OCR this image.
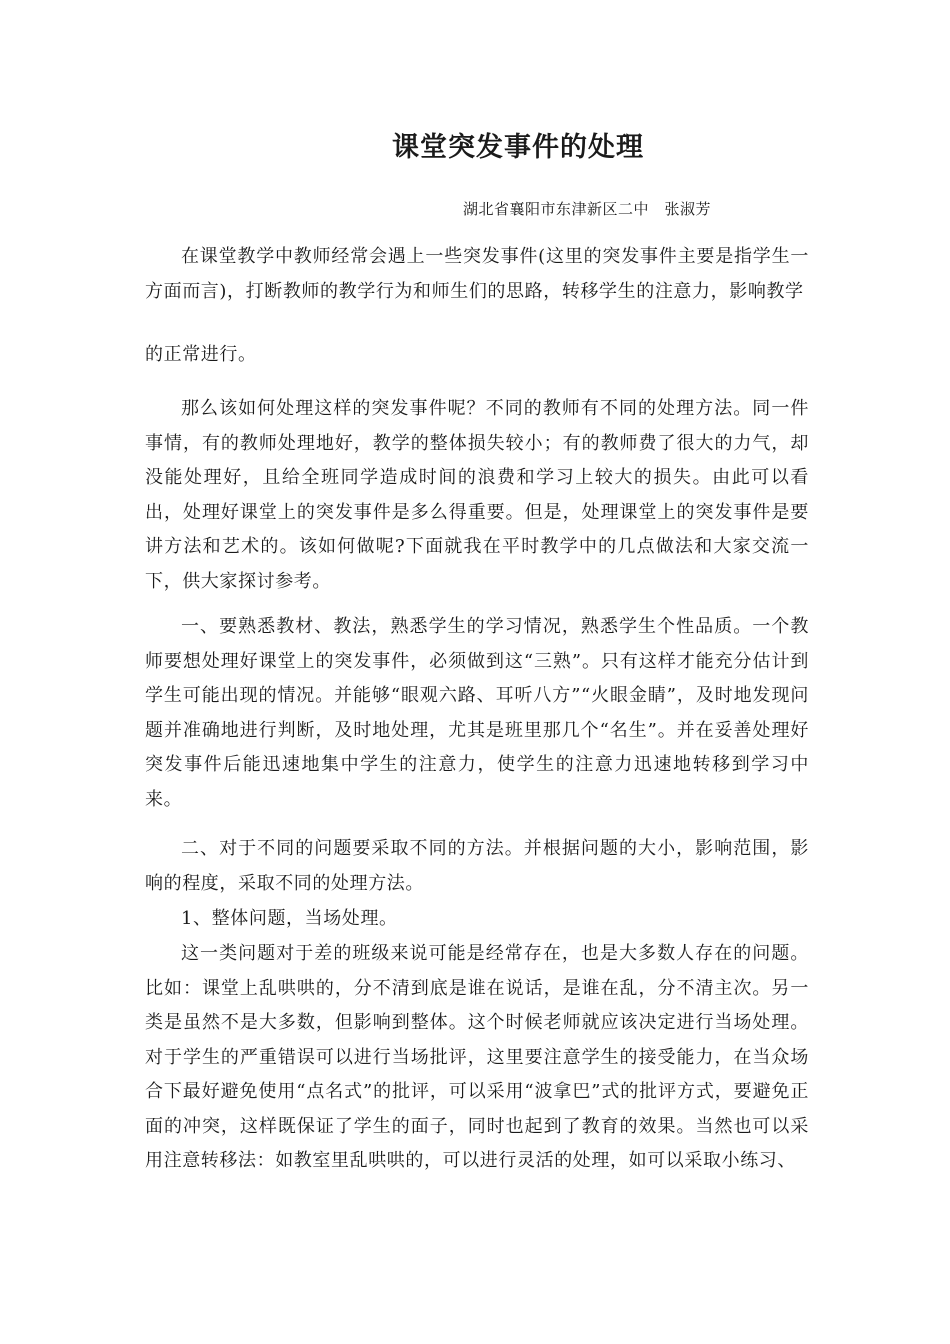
课堂突发事件的处理
湖北省襄阳市东津新区二中　张淑芳
在课堂教学中教师经常会遇上一些突发事件(这里的突发事件主要是指学生一方面而言)，打断教师的教学行为和师生们的思路，转移学生的注意力，影响教学
的正常进行。
那么该如何处理这样的突发事件呢？不同的教师有不同的处理方法。同一件事情，有的教师处理地好，教学的整体损失较小；有的教师费了很大的力气，却没能处理好，且给全班同学造成时间的浪费和学习上较大的损失。由此可以看出，处理好课堂上的突发事件是多么得重要。但是，处理课堂上的突发事件是要讲方法和艺术的。该如何做呢?下面就我在平时教学中的几点做法和大家交流一下，供大家探讨参考。
一、要熟悉教材、教法，熟悉学生的学习情况，熟悉学生个性品质。一个教师要想处理好课堂上的突发事件，必须做到这“三熟”。只有这样才能充分估计到学生可能出现的情况。并能够“眼观六路、耳听八方”“火眼金睛”，及时地发现问题并准确地进行判断，及时地处理，尤其是班里那几个“名生”。并在妥善处理好突发事件后能迅速地集中学生的注意力，使学生的注意力迅速地转移到学习中来。
二、对于不同的问题要采取不同的方法。并根据问题的大小，影响范围，影响的程度，采取不同的处理方法。
1、整体问题，当场处理。
这一类问题对于差的班级来说可能是经常存在，也是大多数人存在的问题。比如：课堂上乱哄哄的，分不清到底是谁在说话，是谁在乱，分不清主次。另一类是虽然不是大多数，但影响到整体。这个时候老师就应该决定进行当场处理。对于学生的严重错误可以进行当场批评，这里要注意学生的接受能力，在当众场合下最好避免使用“点名式”的批评，可以采用“波拿巴”式的批评方式，要避免正面的冲突，这样既保证了学生的面子，同时也起到了教育的效果。当然也可以采用注意转移法：如教室里乱哄哄的，可以进行灵活的处理，如可以采取小练习、
